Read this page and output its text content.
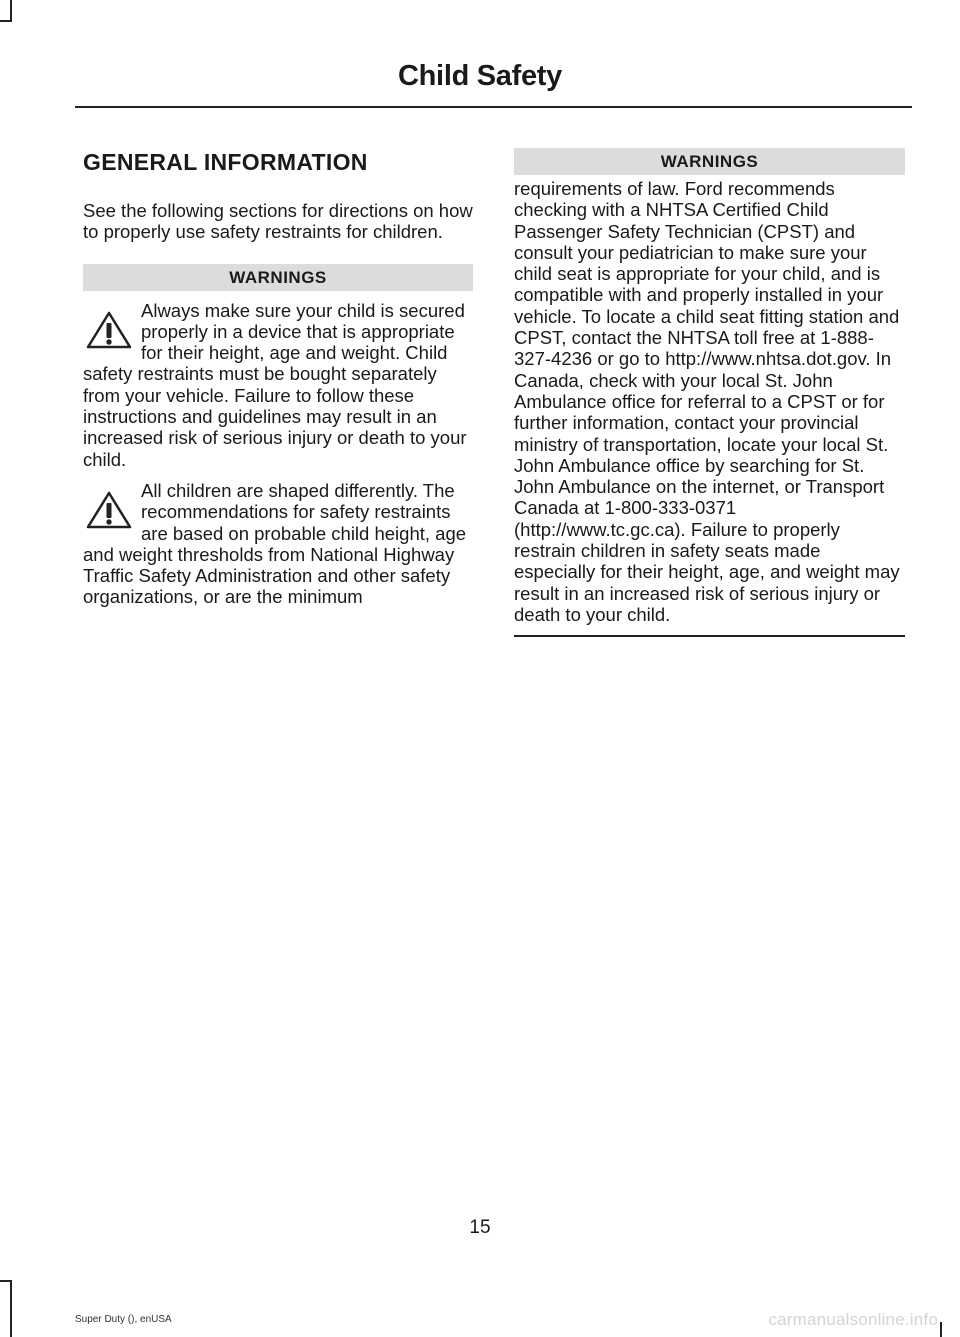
Child Safety
GENERAL INFORMATION

See the following sections for directions on how to properly use safety restraints for children.

WARNINGS
Always make sure your child is secured properly in a device that is appropriate for their height, age and weight. Child safety restraints must be bought separately from your vehicle. Failure to follow these instructions and guidelines may result in an increased risk of serious injury or death to your child.
All children are shaped differently. The recommendations for safety restraints are based on probable child height, age and weight thresholds from National Highway Traffic Safety Administration and other safety organizations, or are the minimum
WARNINGS

requirements of law. Ford recommends checking with a NHTSA Certified Child Passenger Safety Technician (CPST) and consult your pediatrician to make sure your child seat is appropriate for your child, and is compatible with and properly installed in your vehicle. To locate a child seat fitting station and CPST, contact the NHTSA toll free at 1-888-327-4236 or go to http://www.nhtsa.dot.gov. In Canada, check with your local St. John Ambulance office for referral to a CPST or for further information, contact your provincial ministry of transportation, locate your local St. John Ambulance office by searching for St. John Ambulance on the internet, or Transport Canada at 1-800-333-0371 (http://www.tc.gc.ca). Failure to properly restrain children in safety seats made especially for their height, age, and weight may result in an increased risk of serious injury or death to your child.

15
Super Duty (), enUSA	carmanualsonline.info
